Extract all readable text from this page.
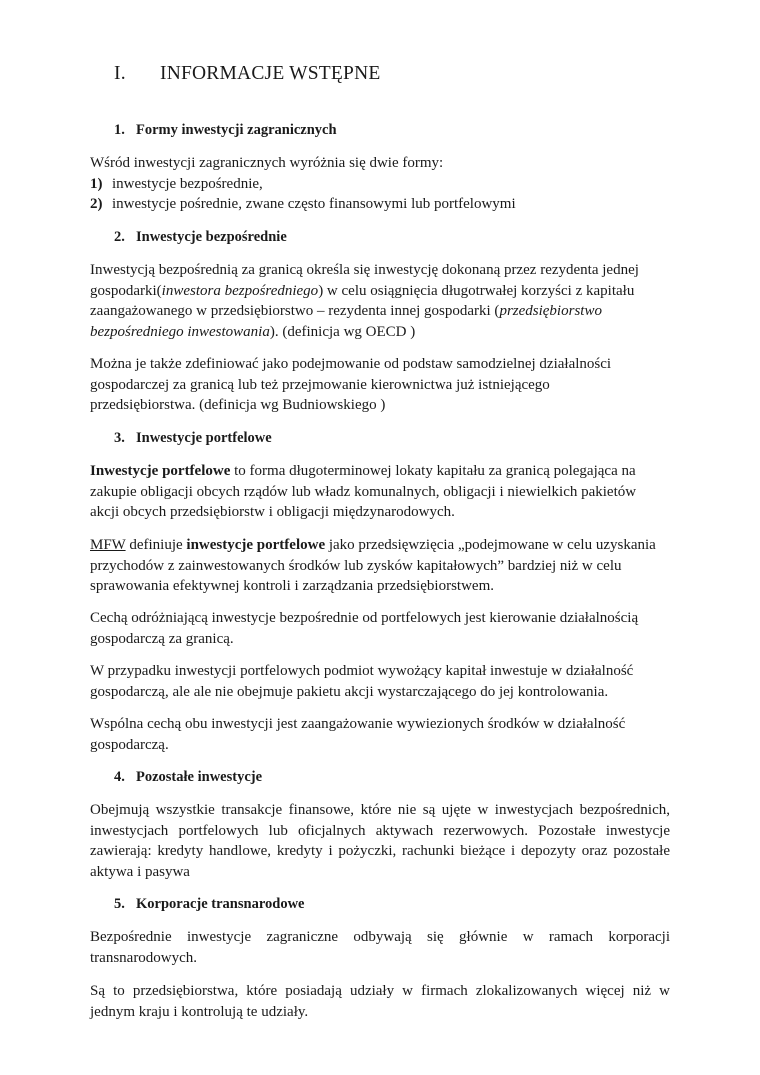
I. INFORMACJE WSTĘPNE
1. Formy inwestycji zagranicznych
Wśród inwestycji zagranicznych wyróżnia się dwie formy:
1) inwestycje bezpośrednie,
2) inwestycje pośrednie, zwane często finansowymi lub portfelowymi
2. Inwestycje bezpośrednie
Inwestycją bezpośrednią za granicą określa się inwestycję dokonaną przez rezydenta jednej
gospodarki(inwestora bezpośredniego) w celu osiągnięcia długotrwałej korzyści z kapitału
zaangażowanego w przedsiębiorstwo – rezydenta innej gospodarki (przedsiębiorstwo
bezpośredniego inwestowania). (definicja wg OECD )
Można je także zdefiniować jako podejmowanie od podstaw samodzielnej działalności
gospodarczej za granicą lub też przejmowanie kierownictwa już istniejącego
przedsiębiorstwa. (definicja wg Budniowskiego )
3. Inwestycje portfelowe
Inwestycje portfelowe to forma długoterminowej lokaty kapitału za granicą polegająca na
zakupie obligacji obcych rządów lub władz komunalnych, obligacji i niewielkich pakietów
akcji obcych przedsiębiorstw i obligacji międzynarodowych.
MFW definiuje inwestycje portfelowe jako przedsięwzięcia „podejmowane w celu uzyskania
przychodów z zainwestowanych środków lub zysków kapitałowych” bardziej niż w celu
sprawowania efektywnej kontroli i zarządzania przedsiębiorstwem.
Cechą odróżniającą inwestycje bezpośrednie od portfelowych jest kierowanie działalnością
gospodarczą za granicą.
W przypadku inwestycji portfelowych podmiot wywożący kapitał inwestuje w działalność
gospodarczą, ale ale nie obejmuje pakietu akcji wystarczającego do jej kontrolowania.
Wspólna cechą obu inwestycji jest zaangażowanie wywiezionych środków w działalność
gospodarczą.
4. Pozostałe inwestycje
Obejmują wszystkie transakcje finansowe, które nie są ujęte w inwestycjach bezpośrednich,
inwestycjach portfelowych lub oficjalnych aktywach rezerwowych. Pozostałe inwestycje
zawierają: kredyty handlowe, kredyty i pożyczki, rachunki bieżące i depozyty oraz pozostałe
aktywa i pasywa
5. Korporacje transnarodowe
Bezpośrednie inwestycje zagraniczne odbywają się głównie w ramach korporacji
transnarodowych.
Są to przedsiębiorstwa, które posiadają udziały w firmach zlokalizowanych więcej niż w
jednym kraju i kontrolują te udziały.
